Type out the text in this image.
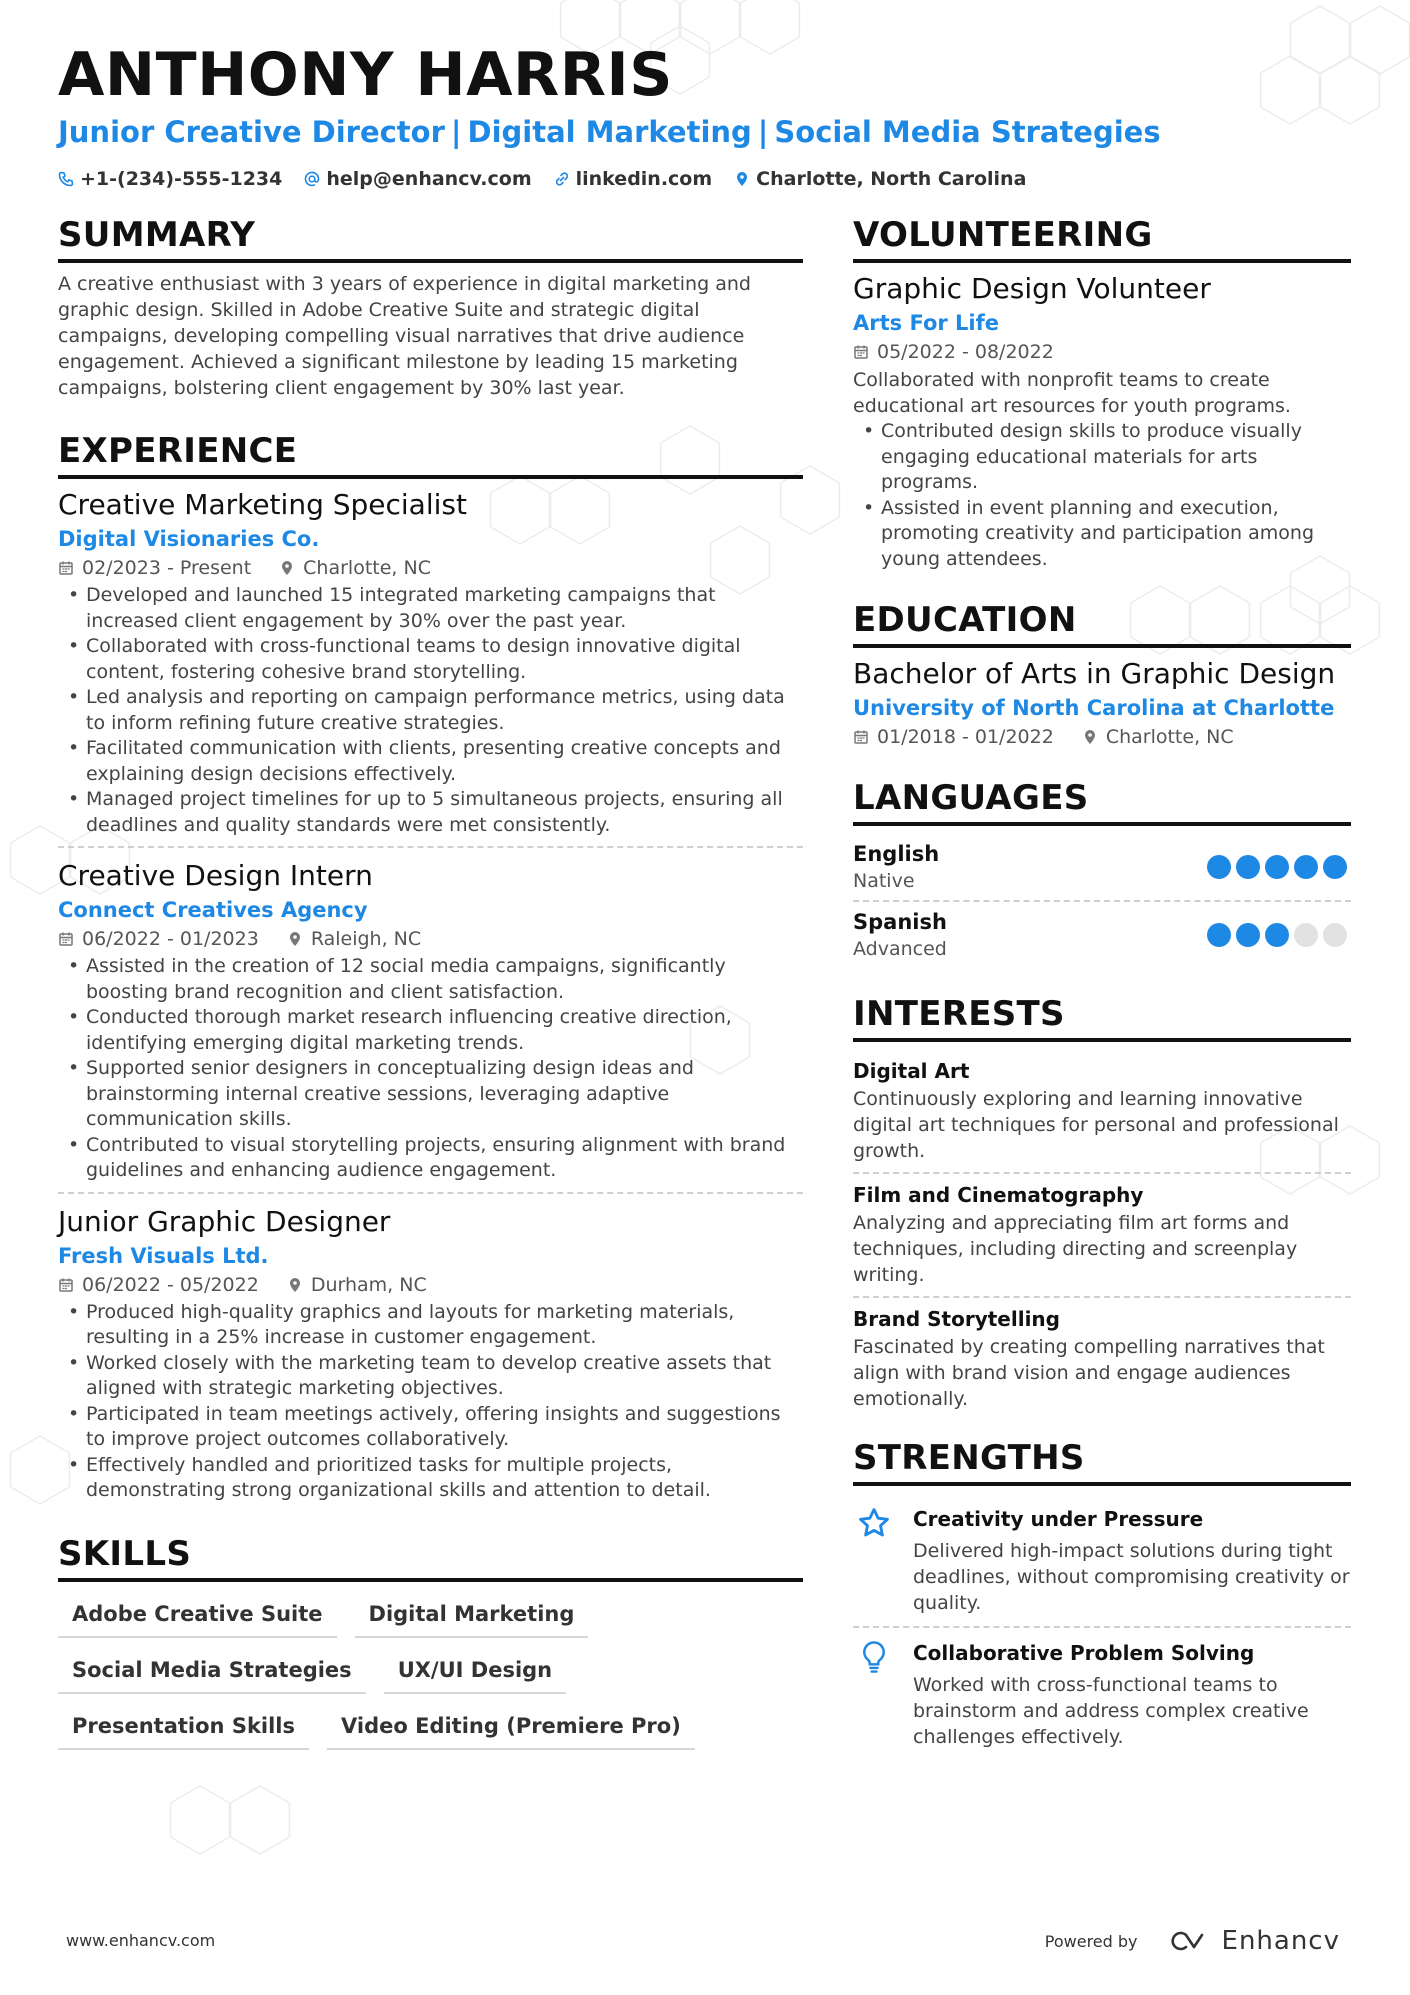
ANTHONY HARRIS
Junior Creative Director | Digital Marketing | Social Media Strategies
+1-(234)-555-1234 help@enhancv.com linkedin.com Charlotte, North Carolina
SUMMARY

A creative enthusiast with 3 years of experience in digital marketing and graphic design. Skilled in Adobe Creative Suite and strategic digital campaigns, developing compelling visual narratives that drive audience engagement. Achieved a significant milestone by leading 15 marketing campaigns, bolstering client engagement by 30% last year.

EXPERIENCE
Creative Marketing Specialist
Digital Visionaries Co.
02/2023 - Present	Charlotte, NC
• Developed and launched 15 integrated marketing campaigns that increased client engagement by 30% over the past year.
• Collaborated with cross-functional teams to design innovative digital content, fostering cohesive brand storytelling.
• Led analysis and reporting on campaign performance metrics, using data to inform refining future creative strategies.
• Facilitated communication with clients, presenting creative concepts and explaining design decisions effectively.
• Managed project timelines for up to 5 simultaneous projects, ensuring all deadlines and quality standards were met consistently.
Creative Design Intern
Connect Creatives Agency
06/2022 - 01/2023	Raleigh, NC
• Assisted in the creation of 12 social media campaigns, significantly boosting brand recognition and client satisfaction.
• Conducted thorough market research influencing creative direction, identifying emerging digital marketing trends.
• Supported senior designers in conceptualizing design ideas and brainstorming internal creative sessions, leveraging adaptive communication skills.
• Contributed to visual storytelling projects, ensuring alignment with brand guidelines and enhancing audience engagement.
Junior Graphic Designer
Fresh Visuals Ltd.
06/2022 - 05/2022	Durham, NC
• Produced high-quality graphics and layouts for marketing materials, resulting in a 25% increase in customer engagement.
• Worked closely with the marketing team to develop creative assets that aligned with strategic marketing objectives.
• Participated in team meetings actively, offering insights and suggestions to improve project outcomes collaboratively.
• Effectively handled and prioritized tasks for multiple projects, demonstrating strong organizational skills and attention to detail.
SKILLS
Adobe Creative Suite	Digital Marketing
Social Media Strategies	UX/UI Design
Presentation Skills	Video Editing (Premiere Pro)
VOLUNTEERING
Graphic Design Volunteer
Arts For Life
05/2022 - 08/2022

Collaborated with nonprofit teams to create educational art resources for youth programs.

• Contributed design skills to produce visually engaging educational materials for arts programs.
• Assisted in event planning and execution, promoting creativity and participation among young attendees.
EDUCATION
Bachelor of Arts in Graphic Design
University of North Carolina at Charlotte
01/2018 - 01/2022	Charlotte, NC
LANGUAGES
English
Native
Spanish
Advanced
INTERESTS
Digital Art

Continuously exploring and learning innovative digital art techniques for personal and professional growth.

Film and Cinematography

Analyzing and appreciating film art forms and techniques, including directing and screenplay writing.

Brand Storytelling

Fascinated by creating compelling narratives that align with brand vision and engage audiences emotionally.

STRENGTHS
Creativity under Pressure

Delivered high-impact solutions during tight deadlines, without compromising creativity or quality.

Collaborative Problem Solving

Worked with cross-functional teams to brainstorm and address complex creative challenges effectively.

www.enhancv.com	Powered by	Enhancv
